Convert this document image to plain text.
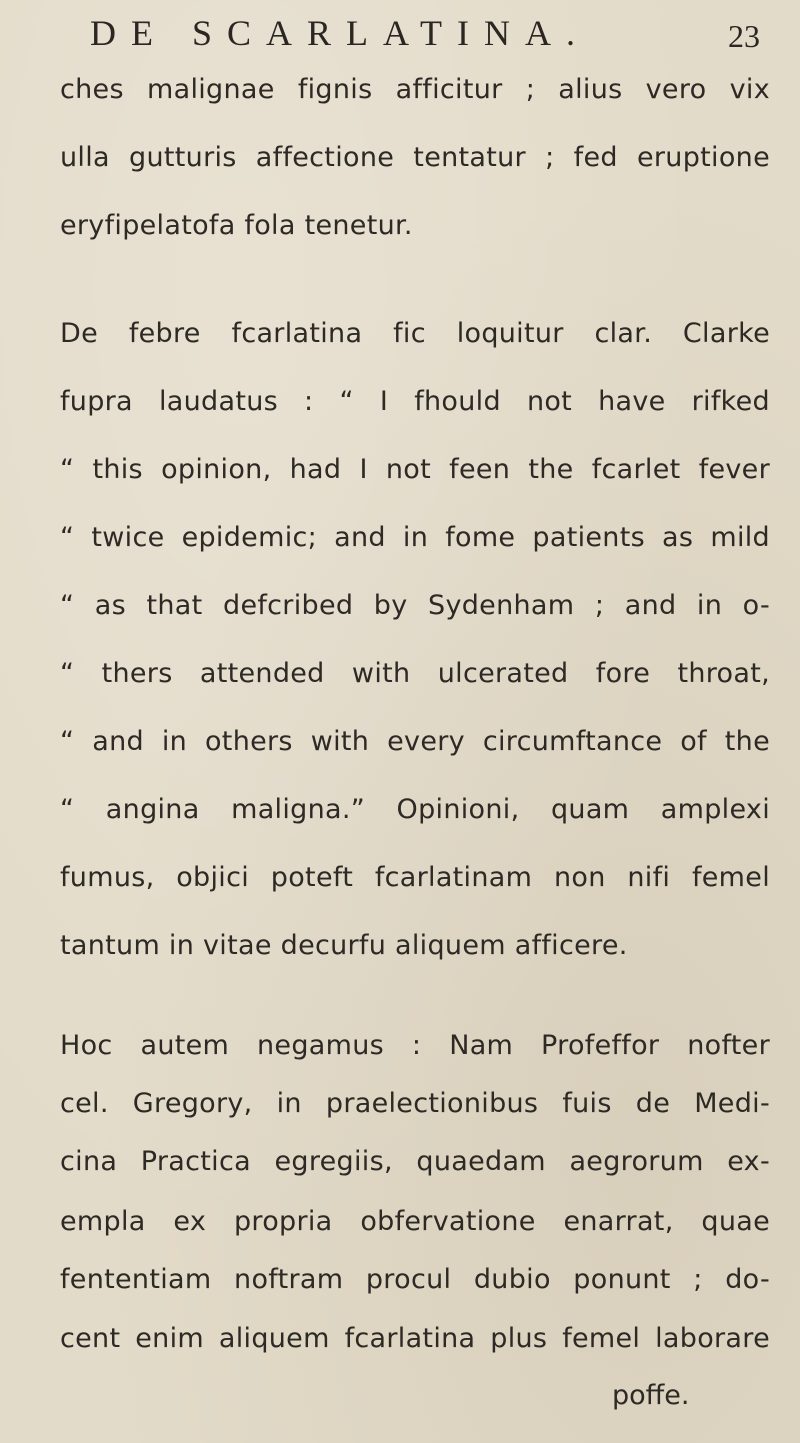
DE SCARLATINA.	23
ches malignae fignis afficitur ; alius vero vix
ulla gutturis affectione tentatur ; fed eruptione
eryfipelatofa fola tenetur.
De febre fcarlatina fic loquitur clar. Clarke
fupra laudatus : “ I fhould not have rifked
“ this opinion, had I not feen the fcarlet fever
“ twice epidemic; and in fome patients as mild
“ as that defcribed by Sydenham ; and in o-
“ thers attended with ulcerated fore throat,
“ and in others with every circumftance of the
“ angina maligna.” Opinioni, quam amplexi
fumus, objici poteft fcarlatinam non nifi femel
tantum in vitae decurfu aliquem afficere.
Hoc autem negamus : Nam Profeffor nofter
cel. Gregory, in praelectionibus fuis de Medi-
cina Practica egregiis, quaedam aegrorum ex-
empla ex propria obfervatione enarrat, quae
fententiam noftram procul dubio ponunt ; do-
cent enim aliquem fcarlatina plus femel laborare
poffe.
